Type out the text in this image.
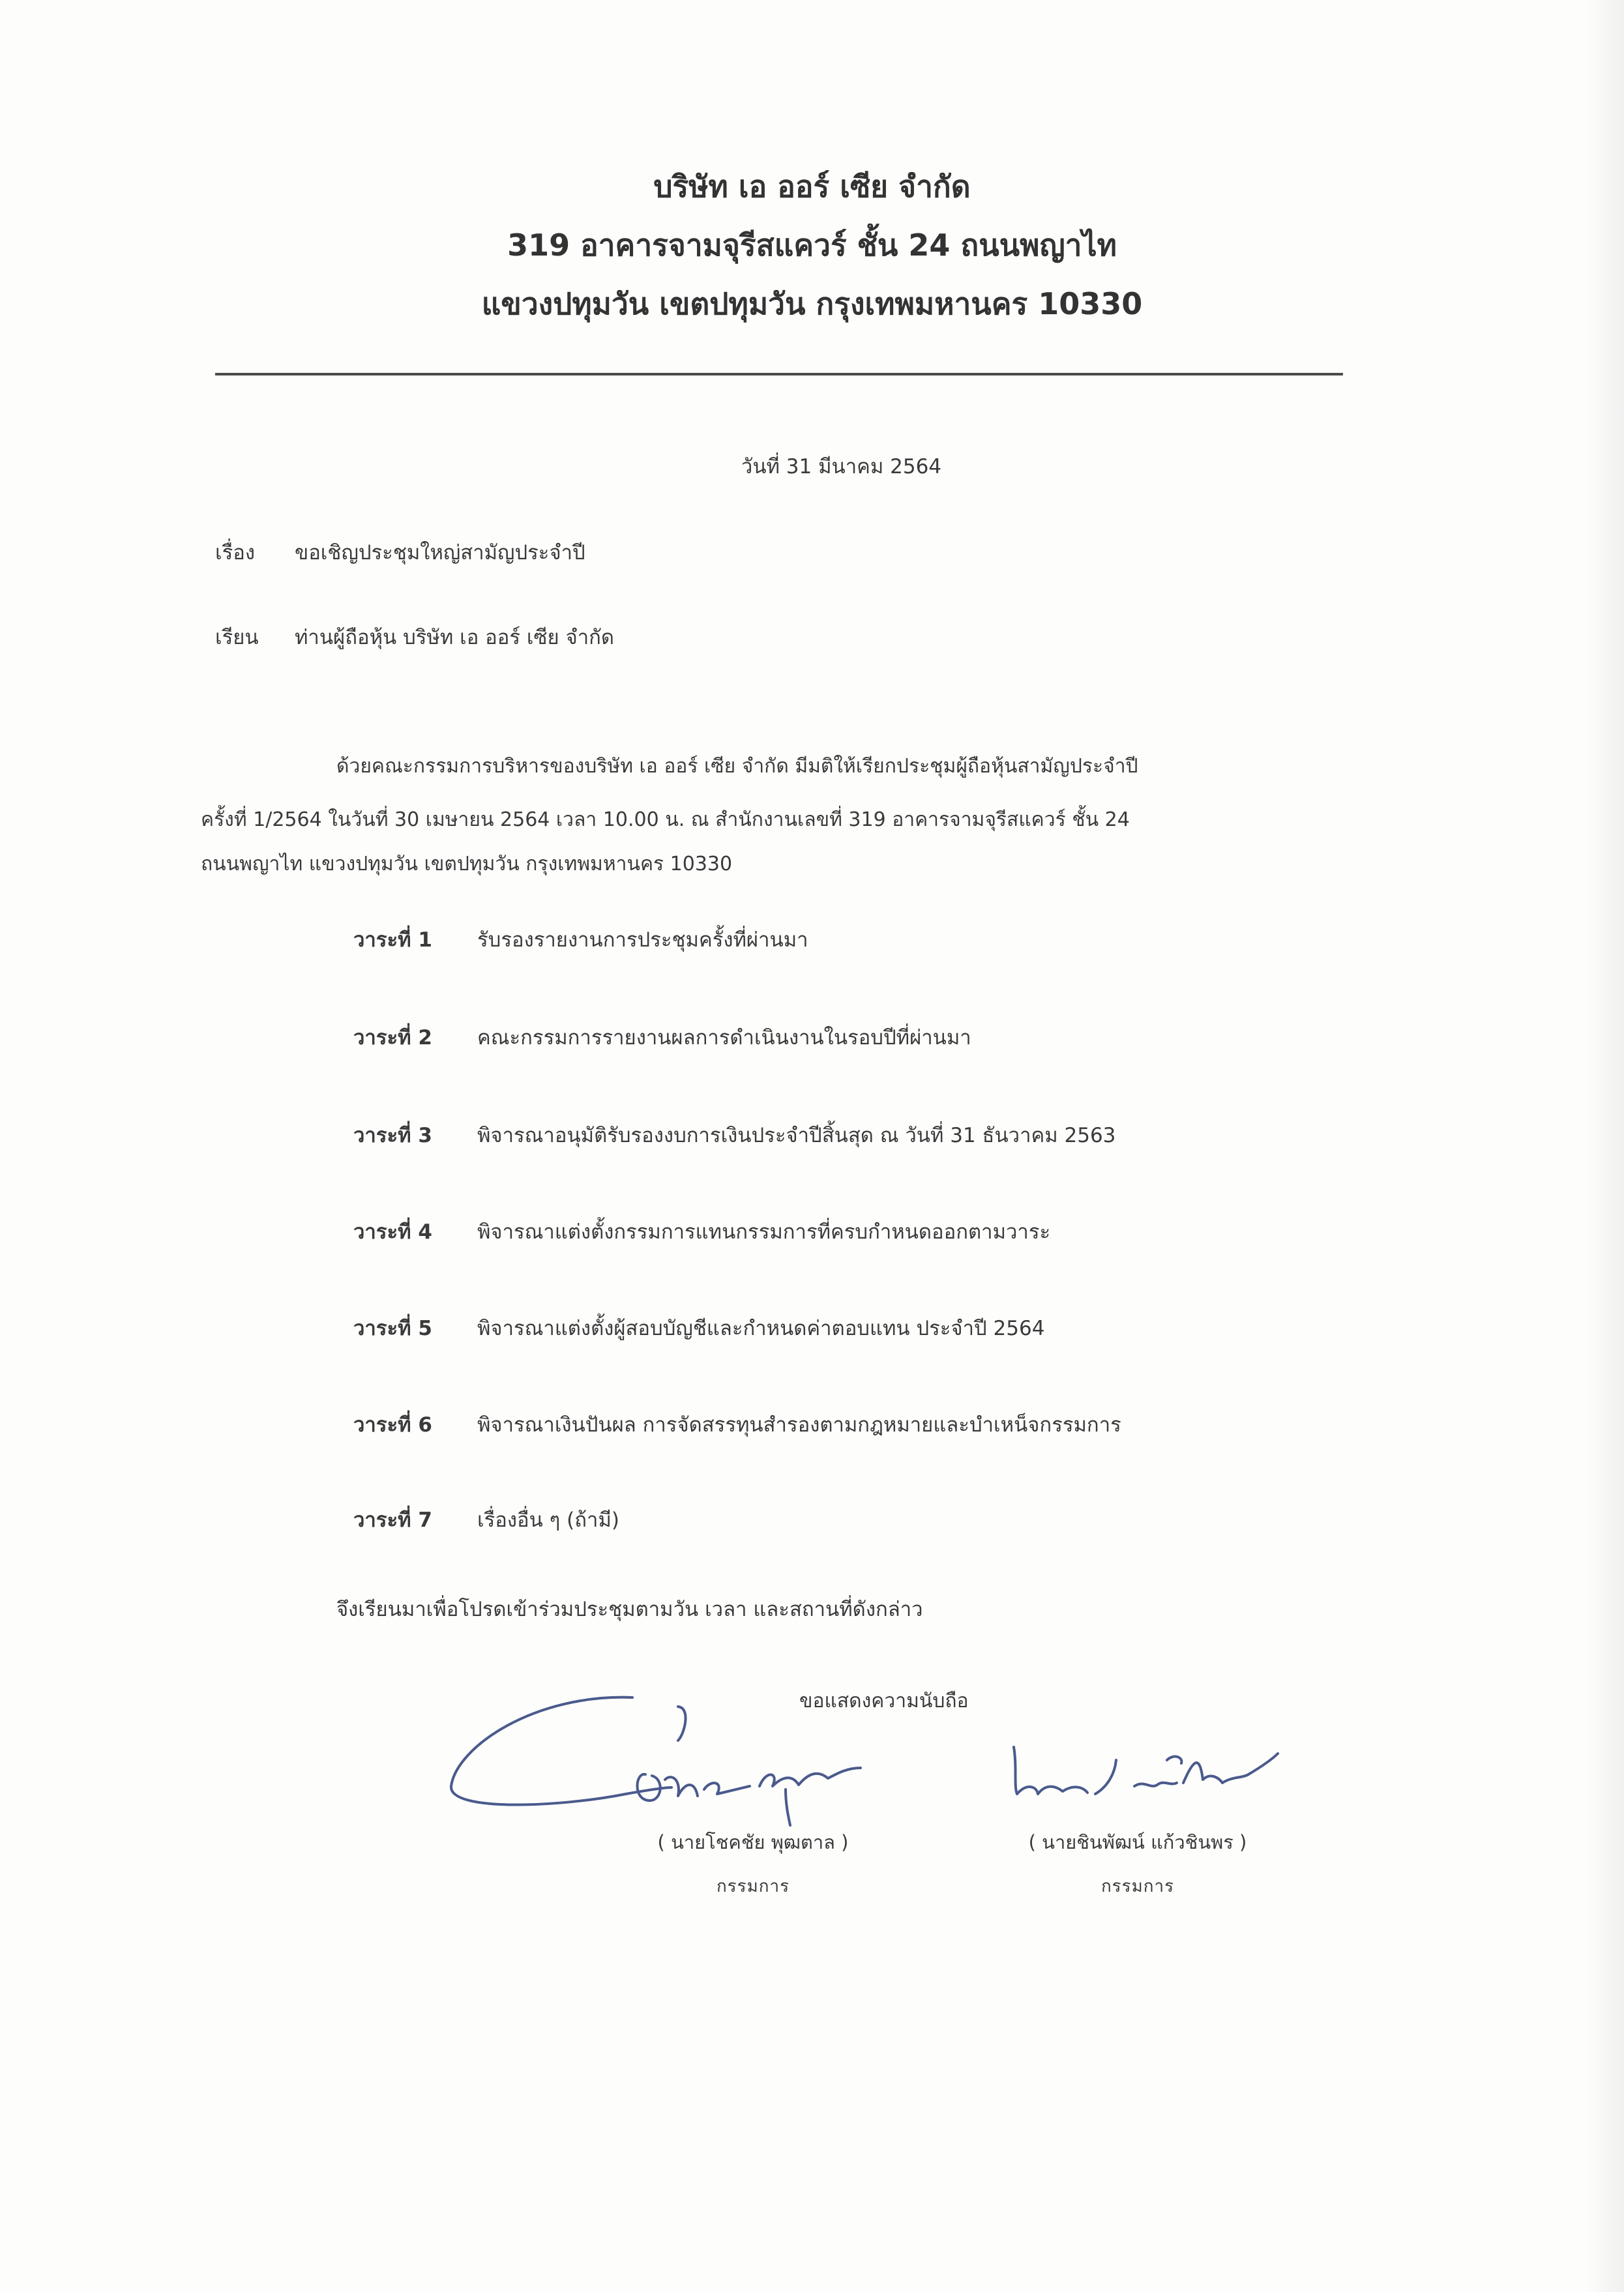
บริษัท เอ ออร์ เซีย จำกัด
319 อาคารจามจุรีสแควร์ ชั้น 24 ถนนพญาไท
แขวงปทุมวัน เขตปทุมวัน กรุงเทพมหานคร 10330
วันที่ 31 มีนาคม 2564
เรื่อง ขอเชิญประชุมใหญ่สามัญประจำปี
เรียน ท่านผู้ถือหุ้น บริษัท เอ ออร์ เซีย จำกัด
ด้วยคณะกรรมการบริหารของบริษัท เอ ออร์ เซีย จำกัด มีมติให้เรียกประชุมผู้ถือหุ้นสามัญประจำปี
ครั้งที่ 1/2564 ในวันที่ 30 เมษายน 2564 เวลา 10.00 น. ณ สำนักงานเลขที่ 319 อาคารจามจุรีสแควร์ ชั้น 24
ถนนพญาไท แขวงปทุมวัน เขตปทุมวัน กรุงเทพมหานคร 10330
วาระที่ 1 รับรองรายงานการประชุมครั้งที่ผ่านมา
วาระที่ 2 คณะกรรมการรายงานผลการดำเนินงานในรอบปีที่ผ่านมา
วาระที่ 3 พิจารณาอนุมัติรับรองงบการเงินประจำปีสิ้นสุด ณ วันที่ 31 ธันวาคม 2563
วาระที่ 4 พิจารณาแต่งตั้งกรรมการแทนกรรมการที่ครบกำหนดออกตามวาระ
วาระที่ 5 พิจารณาแต่งตั้งผู้สอบบัญชีและกำหนดค่าตอบแทน ประจำปี 2564
วาระที่ 6 พิจารณาเงินปันผล การจัดสรรทุนสำรองตามกฎหมายและบำเหน็จกรรมการ
วาระที่ 7 เรื่องอื่น ๆ (ถ้ามี)
จึงเรียนมาเพื่อโปรดเข้าร่วมประชุมตามวัน เวลา และสถานที่ดังกล่าว
ขอแสดงความนับถือ
( นายโชคชัย พุฒตาล )	( นายชินพัฒน์ แก้วชินพร )
กรรมการ	กรรมการ
